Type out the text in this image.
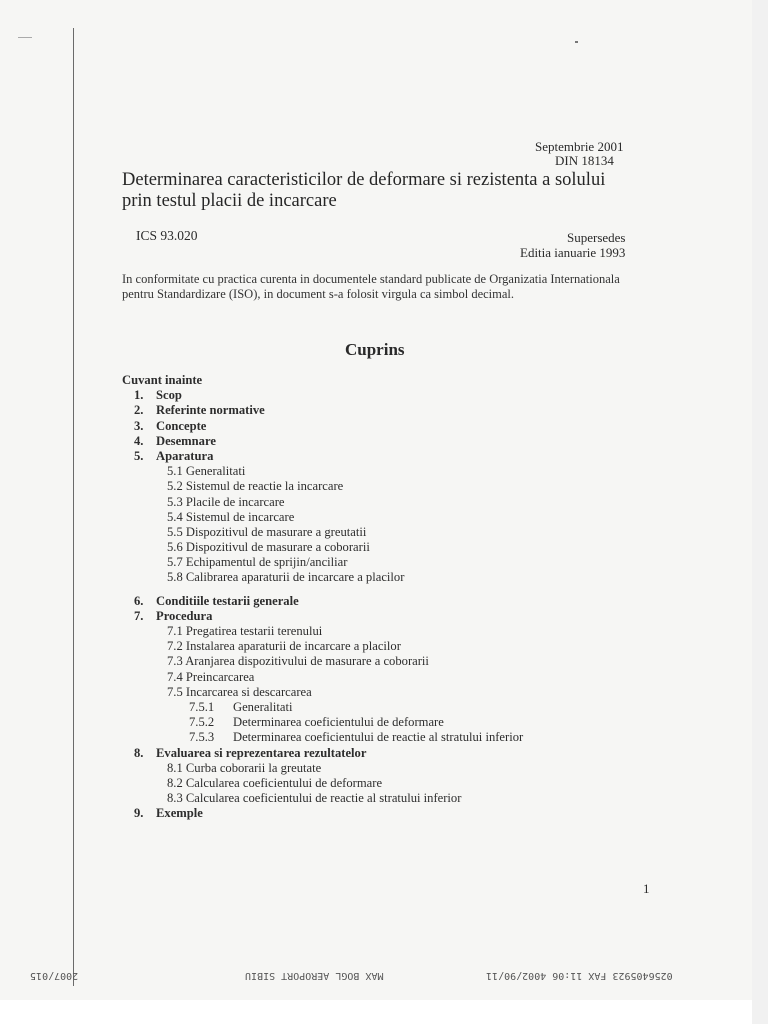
Septembrie 2001
DIN 18134
Determinarea caracteristicilor de deformare si rezistenta a solului
prin testul placii de incarcare
ICS 93.020	Supersedes
Editia ianuarie 1993
In conformitate cu practica curenta in documentele standard publicate de Organizatia Internationala pentru Standardizare (ISO), in document s-a folosit virgula ca simbol decimal.
Cuprins
Cuvant inainte
1. Scop
2. Referinte normative
3. Concepte
4. Desemnare
5. Aparatura
5.1 Generalitati
5.2 Sistemul de reactie la incarcare
5.3 Placile de incarcare
5.4 Sistemul de incarcare
5.5 Dispozitivul de masurare a greutatii
5.6 Dispozitivul de masurare a coborarii
5.7 Echipamentul de sprijin/anciliar
5.8 Calibrarea aparaturii de incarcare a placilor
6. Conditiile testarii generale
7. Procedura
7.1 Pregatirea testarii terenului
7.2 Instalarea aparaturii de incarcare a placilor
7.3 Aranjarea dispozitivului de masurare a coborarii
7.4 Preincarcarea
7.5 Incarcarea si descarcarea
7.5.1 Generalitati
7.5.2 Determinarea coeficientului de deformare
7.5.3 Determinarea coeficientului de reactie al stratului inferior
8. Evaluarea si reprezentarea rezultatelor
8.1 Curba coborarii la greutate
8.2 Calcularea coeficientului de deformare
8.3 Calcularea coeficientului de reactie al stratului inferior
9. Exemple
1
2007/015	MAX BOGL AEROPORT SIBIU	0256405923 FAX 11:06 4002/90/11
